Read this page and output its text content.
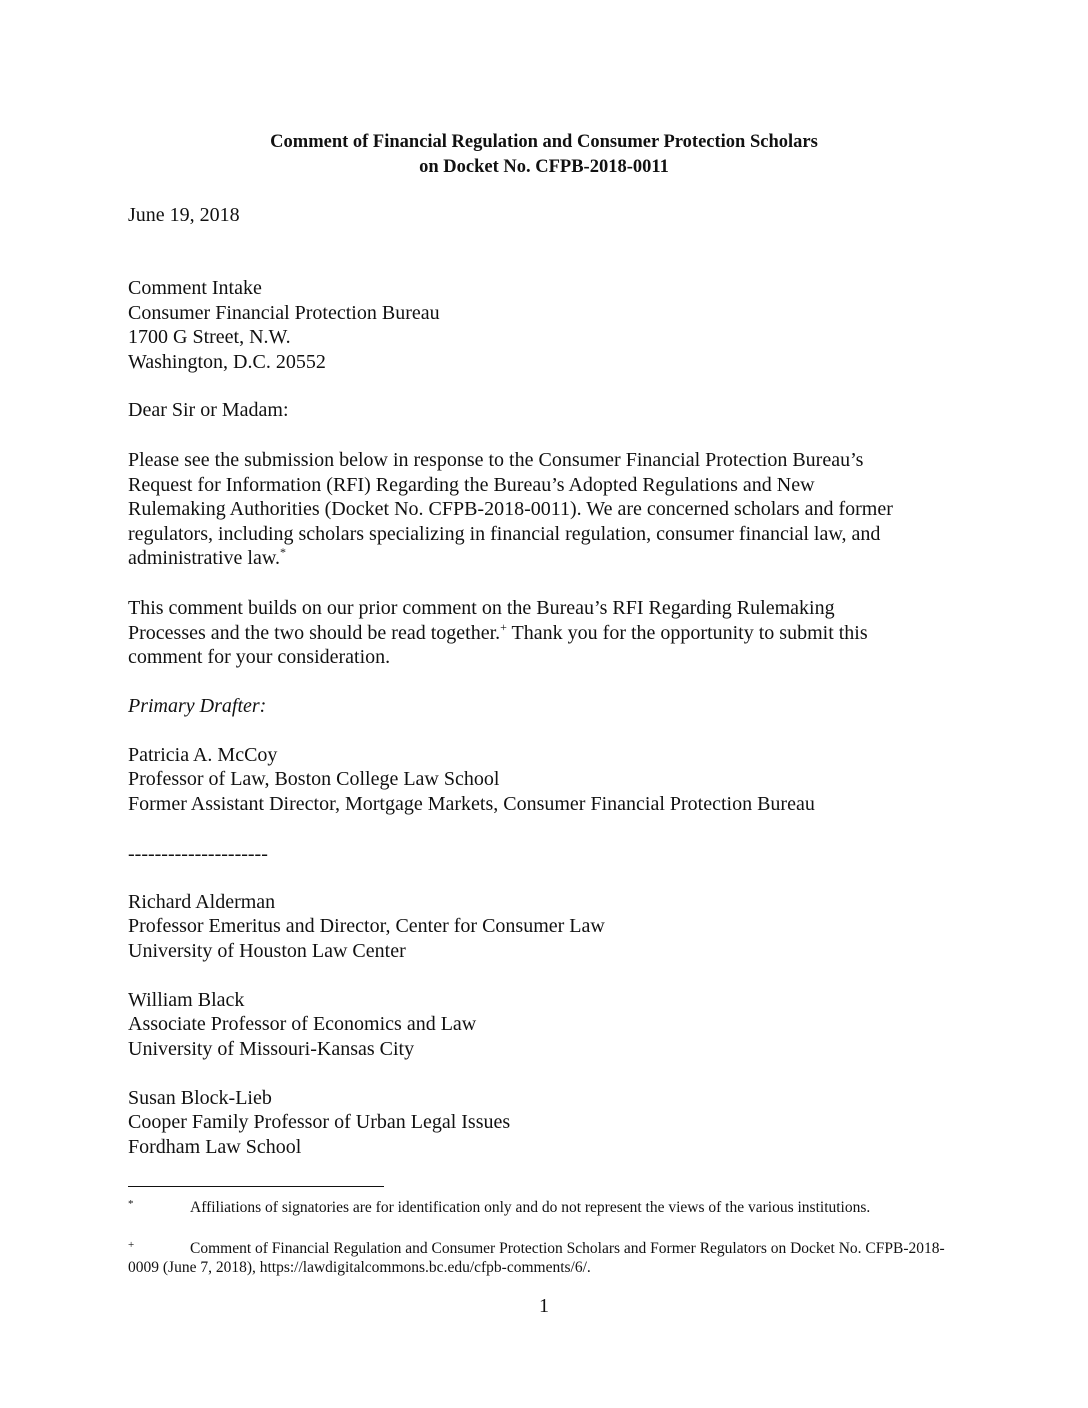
Comment of Financial Regulation and Consumer Protection Scholars
on Docket No. CFPB-2018-0011
June 19, 2018
Comment Intake
Consumer Financial Protection Bureau
1700 G Street, N.W.
Washington, D.C. 20552
Dear Sir or Madam:
Please see the submission below in response to the Consumer Financial Protection Bureau’s
Request for Information (RFI) Regarding the Bureau’s Adopted Regulations and New
Rulemaking Authorities (Docket No. CFPB-2018-0011). We are concerned scholars and former
regulators, including scholars specializing in financial regulation, consumer financial law, and
administrative law.*
This comment builds on our prior comment on the Bureau’s RFI Regarding Rulemaking
Processes and the two should be read together.+ Thank you for the opportunity to submit this
comment for your consideration.
Primary Drafter:
Patricia A. McCoy
Professor of Law, Boston College Law School
Former Assistant Director, Mortgage Markets, Consumer Financial Protection Bureau
---------------------
Richard Alderman
Professor Emeritus and Director, Center for Consumer Law
University of Houston Law Center
William Black
Associate Professor of Economics and Law
University of Missouri-Kansas City
Susan Block-Lieb
Cooper Family Professor of Urban Legal Issues
Fordham Law School
*	Affiliations of signatories are for identification only and do not represent the views of the various institutions.
+	Comment of Financial Regulation and Consumer Protection Scholars and Former Regulators on Docket No. CFPB-2018-0009 (June 7, 2018), https://lawdigitalcommons.bc.edu/cfpb-comments/6/.
1
